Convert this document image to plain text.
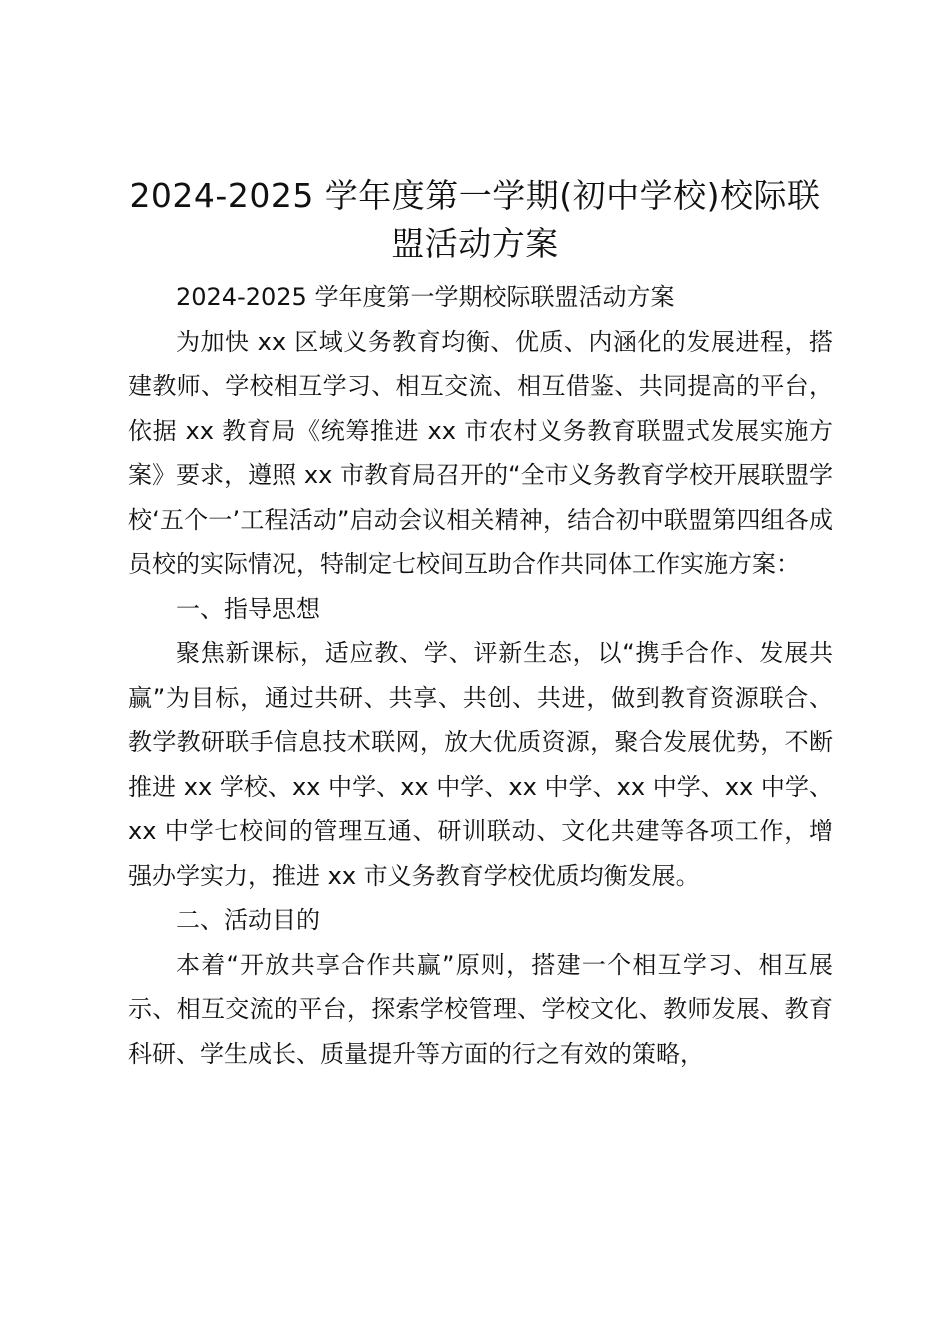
2024-2025 学年度第一学期(初中学校)校际联盟活动方案

2024-2025 学年度第一学期校际联盟活动方案

为加快 xx 区域义务教育均衡、优质、内涵化的发展进程，搭建教师、学校相互学习、相互交流、相互借鉴、共同提高的平台，依据 xx 教育局《统筹推进 xx 市农村义务教育联盟式发展实施方案》要求，遵照 xx 市教育局召开的“全市义务教育学校开展联盟学校‘五个一’工程活动”启动会议相关精神，结合初中联盟第四组各成员校的实际情况，特制定七校间互助合作共同体工作实施方案：

一、指导思想

聚焦新课标，适应教、学、评新生态，以“携手合作、发展共赢”为目标，通过共研、共享、共创、共进，做到教育资源联合、教学教研联手信息技术联网，放大优质资源，聚合发展优势，不断推进 xx 学校、xx 中学、xx 中学、xx 中学、xx 中学、xx 中学、xx 中学七校间的管理互通、研训联动、文化共建等各项工作，增强办学实力，推进 xx 市义务教育学校优质均衡发展。

二、活动目的

本着“开放共享合作共赢”原则，搭建一个相互学习、相互展示、相互交流的平台，探索学校管理、学校文化、教师发展、教育科研、学生成长、质量提升等方面的行之有效的策略，
